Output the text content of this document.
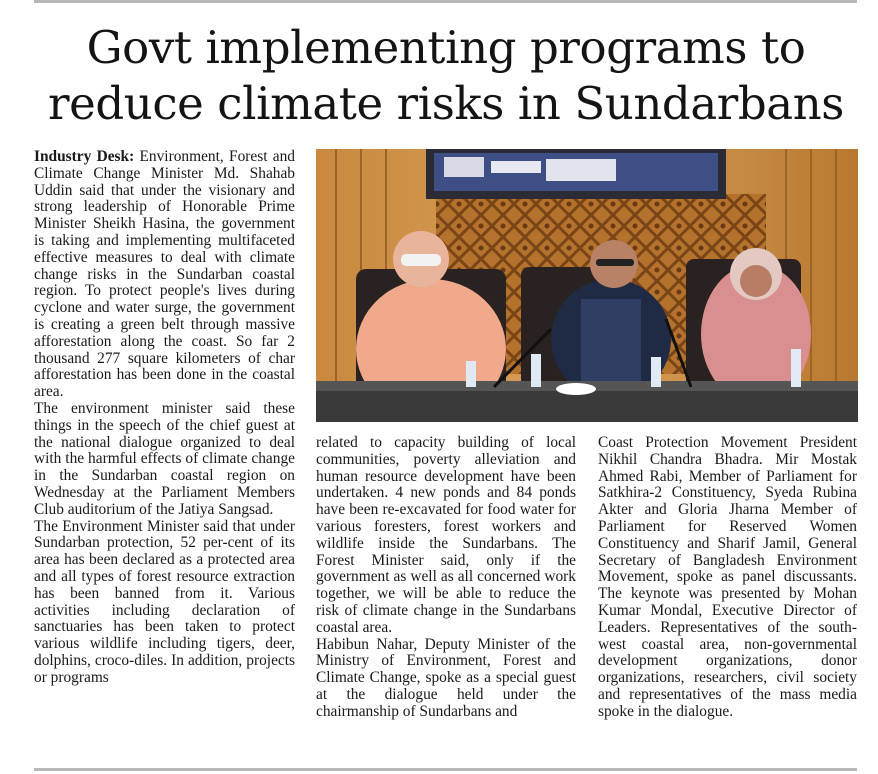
Govt implementing programs to
reduce climate risks in Sundarbans

Industry Desk: Environment, Forest and Climate Change Minister Md. Shahab Uddin said that under the visionary and strong leadership of Honorable Prime Minister Sheikh Hasina, the government is taking and implementing multifaceted effective measures to deal with climate change risks in the Sundarban coastal region. To protect people's lives during cyclone and water surge, the government is creating a green belt through massive afforestation along the coast. So far 2 thousand 277 square kilometers of char afforestation has been done in the coastal area.

The environment minister said these things in the speech of the chief guest at the national dialogue organized to deal with the harmful effects of climate change in the Sundarban coastal region on Wednesday at the Parliament Members Club auditorium of the Jatiya Sangsad.

The Environment Minister said that under Sundarban protection, 52 per-cent of its area has been declared as a protected area and all types of forest resource extraction has been banned from it. Various activities including declaration of sanctuaries has been taken to protect various wildlife including tigers, deer, dolphins, croco-diles. In addition, projects or programs

related to capacity building of local communities, poverty alleviation and human resource development have been undertaken. 4 new ponds and 84 ponds have been re-excavated for food water for various foresters, forest workers and wildlife inside the Sundarbans. The Forest Minister said, only if the government as well as all concerned work together, we will be able to reduce the risk of climate change in the Sundarbans coastal area.

Habibun Nahar, Deputy Minister of the Ministry of Environment, Forest and Climate Change, spoke as a special guest at the dialogue held under the chairmanship of Sundarbans and

Coast Protection Movement President Nikhil Chandra Bhadra. Mir Mostak Ahmed Rabi, Member of Parliament for Satkhira-2 Constituency, Syeda Rubina Akter and Gloria Jharna Member of Parliament for Reserved Women Constituency and Sharif Jamil, General Secretary of Bangladesh Environment Movement, spoke as panel discussants. The keynote was presented by Mohan Kumar Mondal, Executive Director of Leaders. Representatives of the south-west coastal area, non-governmental development organizations, donor organizations, researchers, civil society and representatives of the mass media spoke in the dialogue.
